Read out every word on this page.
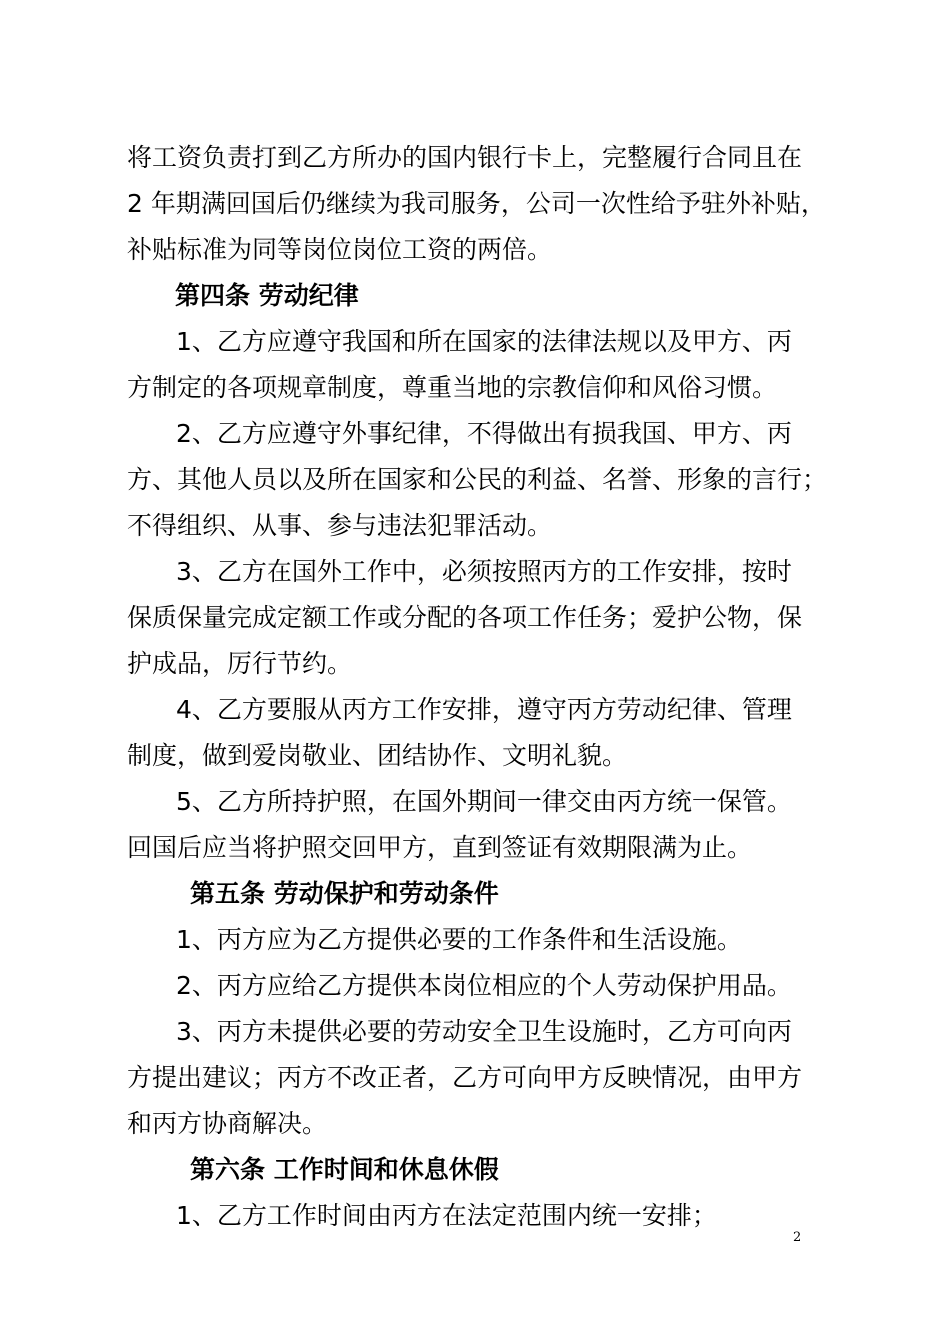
将工资负责打到乙方所办的国内银行卡上，完整履行合同且在
2 年期满回国后仍继续为我司服务，公司一次性给予驻外补贴，
补贴标准为同等岗位岗位工资的两倍。
第四条 劳动纪律
1、乙方应遵守我国和所在国家的法律法规以及甲方、丙
方制定的各项规章制度，尊重当地的宗教信仰和风俗习惯。
2、乙方应遵守外事纪律，不得做出有损我国、甲方、丙
方、其他人员以及所在国家和公民的利益、名誉、形象的言行；
不得组织、从事、参与违法犯罪活动。
3、乙方在国外工作中，必须按照丙方的工作安排，按时
保质保量完成定额工作或分配的各项工作任务；爱护公物，保
护成品，厉行节约。
4、乙方要服从丙方工作安排，遵守丙方劳动纪律、管理
制度，做到爱岗敬业、团结协作、文明礼貌。
5、乙方所持护照，在国外期间一律交由丙方统一保管。
回国后应当将护照交回甲方，直到签证有效期限满为止。
第五条 劳动保护和劳动条件
1、丙方应为乙方提供必要的工作条件和生活设施。
2、丙方应给乙方提供本岗位相应的个人劳动保护用品。
3、丙方未提供必要的劳动安全卫生设施时，乙方可向丙
方提出建议；丙方不改正者，乙方可向甲方反映情况，由甲方
和丙方协商解决。
第六条 工作时间和休息休假
1、乙方工作时间由丙方在法定范围内统一安排；
2
